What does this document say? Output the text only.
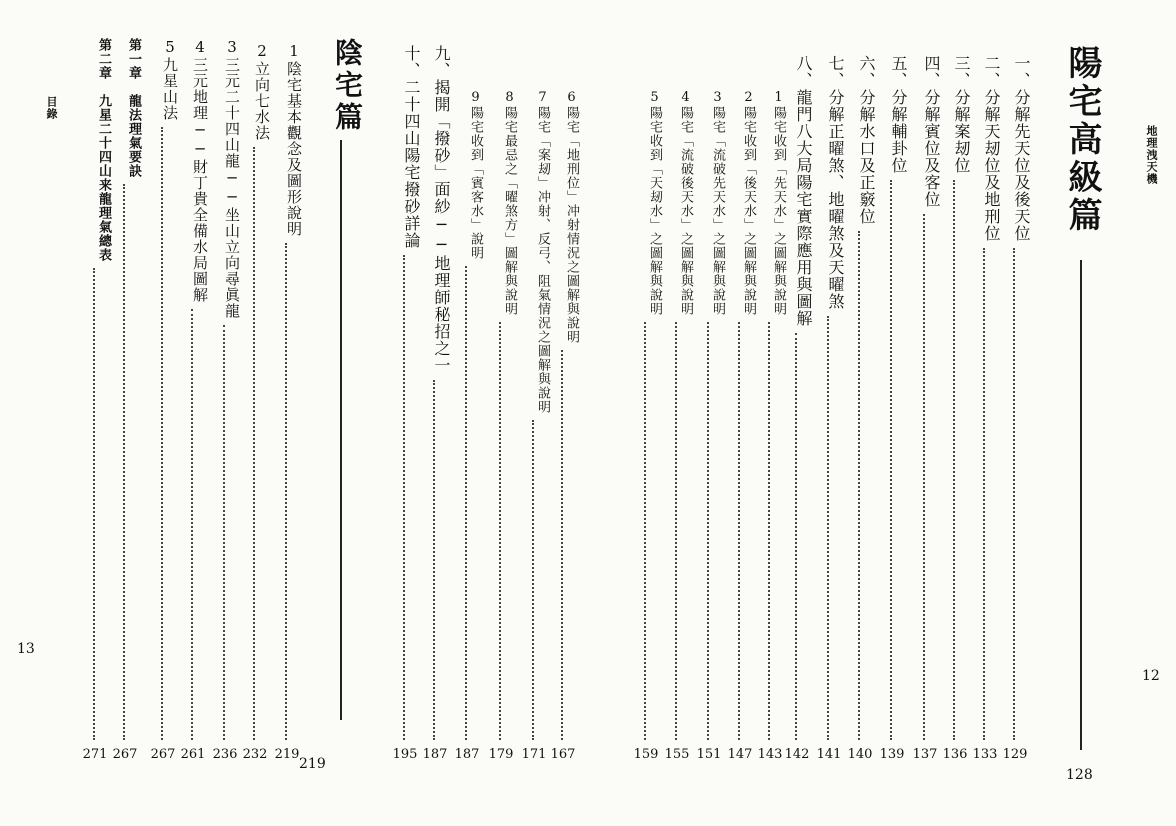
地理洩天機
12
陽宅高級篇
128
一、分解先天位及後天位
129
二、分解天刼位及地刑位
133
三、分解案刼位
136
四、分解賓位及客位
137
五、分解輔卦位
139
六、分解水口及正竅位
140
七、分解正曜煞、地曜煞及天曜煞
141
八、龍門八大局陽宅實際應用與圖解
142
1陽宅收到「先天水」之圖解與說明
143
2陽宅收到「後天水」之圖解與說明
147
3陽宅「流破先天水」之圖解與說明
151
4陽宅「流破後天水」之圖解與說明
155
5陽宅收到「天刼水」之圖解與說明
159
目錄
13
6陽宅「地刑位」冲射情況之圖解與說明
167
7陽宅「案刼」冲射、反弓、阻氣情況之圖解與說明
171
8陽宅最忌之「曜煞方」圖解與說明
179
9陽宅收到「賓客水」說明
187
九、揭開「撥砂」面紗──地理師秘招之一
187
十、二十四山陽宅撥砂詳論
195
陰宅篇
219
1陰宅基本觀念及圖形說明
219
2立向七水法
232
3三元二十四山龍──坐山立向尋眞龍
236
4三元地理──財丁貴全備水局圖解
261
5九星山法
267
第一章　龍法理氣要訣
267
第二章　九星二十四山来龍理氣總表
271
